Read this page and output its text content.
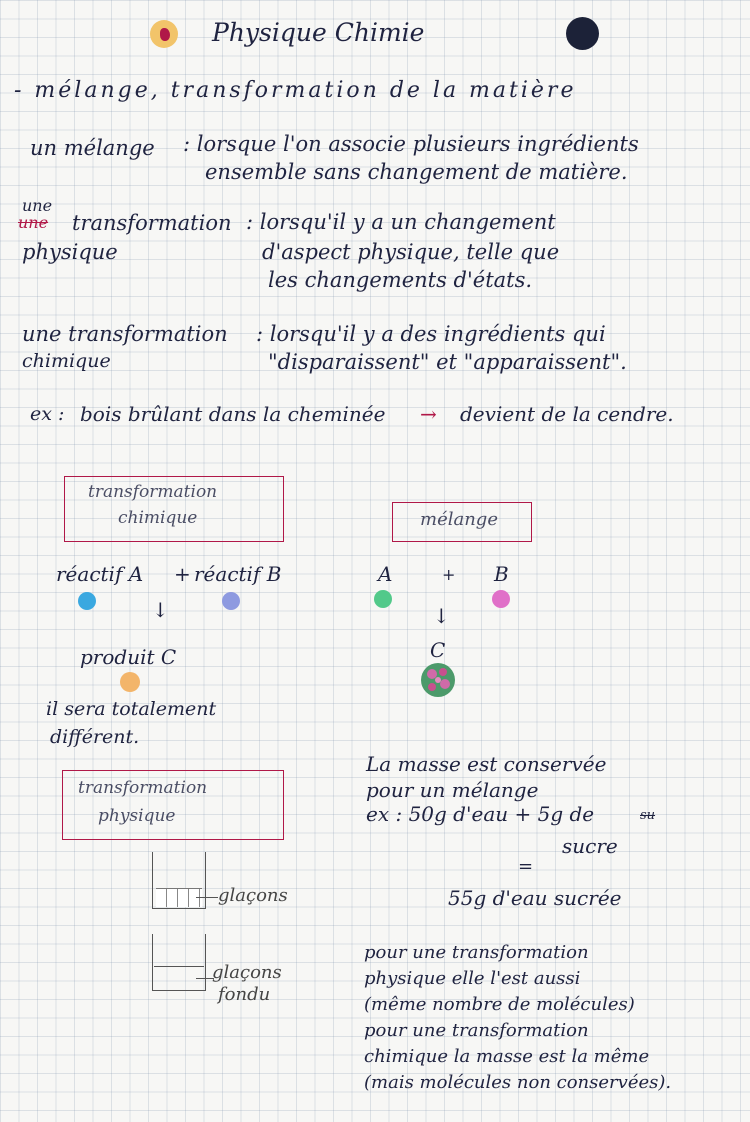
Physique Chimie
- mélange, transformation de la matière
un mélange : lorsque l'on associe plusieurs ingrédients
ensemble sans changement de matière.
une
une transformation
physique
: lorsqu'il y a un changement
d'aspect physique, telle que
les changements d'états.
une transformation
chimique
: lorsqu'il y a des ingrédients qui
"disparaissent" et "apparaissent".
ex : bois brûlant dans la cheminée → devient de la cendre.
transformation
chimique
réactif A + réactif B
↓
produit C
il sera totalement
différent.
mélange
A	+ B
↓
C
transformation
physique
glaçons
glaçons
fondu
La masse est conservée
pour un mélange
ex : 50g d'eau + 5g de	su
sucre
=
55g d'eau sucrée
pour une transformation
physique elle l'est aussi
(même nombre de molécules)
pour une transformation
chimique la masse est la même
(mais molécules non conservées).
